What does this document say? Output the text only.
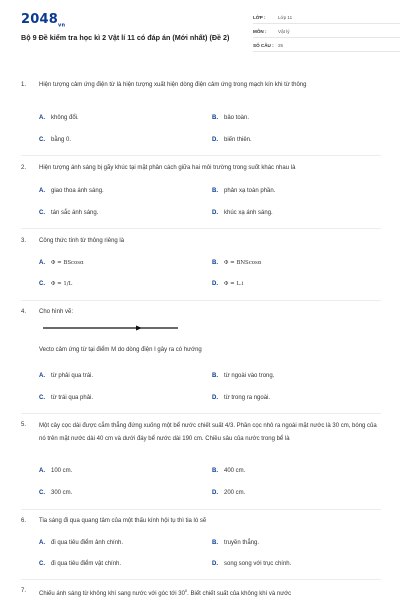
$2048_{vn}$
Bộ 9 Đề kiểm tra học kì 2 Vật lí 11 có đáp án (Mới nhất) (Đề 2)
LỚP :	Lớp 11
MÔN :	Vật lý
SỐ CÂU : 25
1.	Hiện tượng cảm ứng điện từ là hiện tượng xuất hiện dòng điện cảm ứng trong mạch kín khi từ thông
A. không đổi.	B. bảo toàn.
C. bằng 0.	D. biến thiên.
2.	Hiện tượng ánh sáng bị gãy khúc tại mặt phân cách giữa hai môi trường trong suốt khác nhau là
A. giao thoa ánh sáng.	B. phản xạ toàn phần.
C. tán sắc ánh sáng.	D. khúc xạ ánh sáng.
3.	Công thức tính từ thông riêng là
A. Φ = BScosα	B. Φ = BNScosα
C. Φ = 1/L	D. Φ = L.i
4.	Cho hình vẽ:
Vecto cảm ứng từ tại điểm M do dòng điện I gây ra có hướng
A. từ phải qua trái.	B. từ ngoài vào trong.
C. từ trái qua phải.	D. từ trong ra ngoài.
5.	Một cây cọc dài được cắm thẳng đứng xuống một bể nước chiết suất 4/3. Phần cọc nhô ra ngoài mặt nước là 30 cm, bóng của nó trên mặt nước dài 40 cm và dưới đáy bể nước dài 190 cm. Chiều sâu của nước trong bể là
A. 100 cm.	B. 400 cm.
C. 300 cm.	D. 200 cm.
6.	Tia sáng đi qua quang tâm của một thấu kính hội tụ thì tia ló sẽ
A. đi qua tiêu điểm ảnh chính.	B. truyền thẳng.
C. đi qua tiêu điểm vật chính.	D. song song với trục chính.
7.	Chiếu ánh sáng từ không khí sang nước với góc tới $30^0$. Biết chiết suất của không khí và nước
